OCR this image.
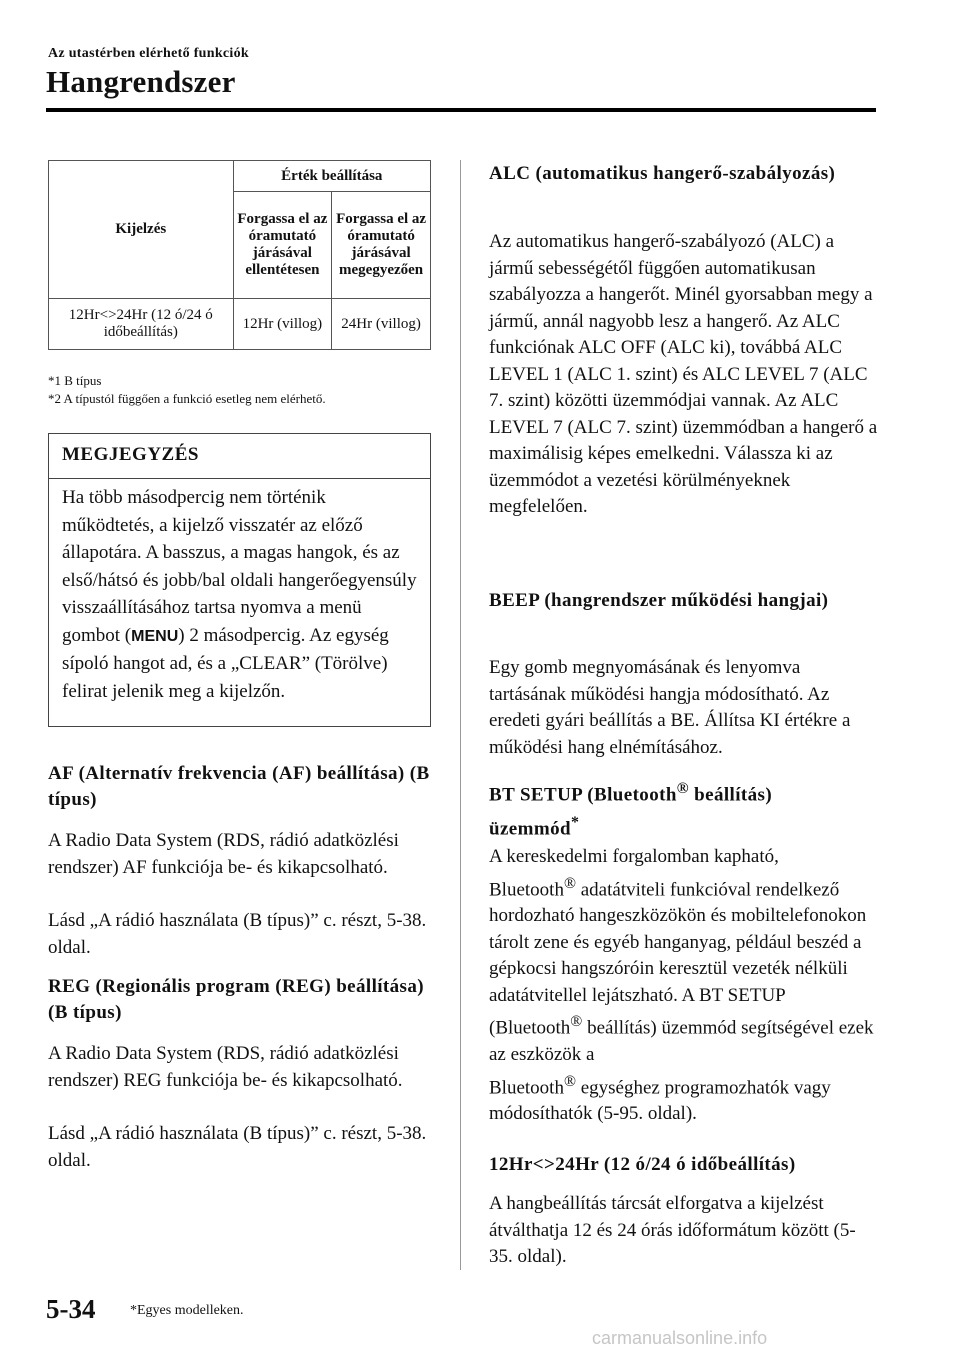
Az utastérben elérhető funkciók
Hangrendszer
Kijelzés	Érték beállítása	
	Forgassa el az óramutató járásával ellentétesen	Forgassa el az óramutató járásával megegyezően
12Hr<>24Hr (12 ó/24 ó időbeállítás)	12Hr (villog)	24Hr (villog)
*1 B típus
*2 A típustól függően a funkció esetleg nem elérhető.
MEGJEGYZÉS
Ha több másodpercig nem történik működtetés, a kijelző visszatér az előző állapotára. A basszus, a magas hangok, és az első/hátsó és jobb/bal oldali hangerőegyensúly visszaállításához tartsa nyomva a menü gombot (MENU) 2 másodpercig. Az egység sípoló hangot ad, és a „CLEAR” (Törölve) felirat jelenik meg a kijelzőn.
AF (Alternatív frekvencia (AF) beállítása) (B típus)
A Radio Data System (RDS, rádió adatközlési rendszer) AF funkciója be- és kikapcsolható.
Lásd „A rádió használata (B típus)” c. részt, 5-38. oldal.
REG (Regionális program (REG) beállítása) (B típus)
A Radio Data System (RDS, rádió adatközlési rendszer) REG funkciója be- és kikapcsolható.
Lásd „A rádió használata (B típus)” c. részt, 5-38. oldal.
ALC (automatikus hangerő-szabályozás)
Az automatikus hangerő-szabályozó (ALC) a jármű sebességétől függően automatikusan szabályozza a hangerőt. Minél gyorsabban megy a jármű, annál nagyobb lesz a hangerő. Az ALC funkciónak ALC OFF (ALC ki), továbbá ALC LEVEL 1 (ALC 1. szint) és ALC LEVEL 7 (ALC 7. szint) közötti üzemmódjai vannak. Az ALC LEVEL 7 (ALC 7. szint) üzemmódban a hangerő a maximálisig képes emelkedni. Válassza ki az üzemmódot a vezetési körülményeknek megfelelően.
BEEP (hangrendszer működési hangjai)
Egy gomb megnyomásának és lenyomva tartásának működési hangja módosítható. Az eredeti gyári beállítás a BE. Állítsa KI értékre a működési hang elnémításához.
BT SETUP (Bluetooth® beállítás)
üzemmód*
A kereskedelmi forgalomban kapható,
Bluetooth® adatátviteli funkcióval rendelkező hordozható hangeszközökön és mobiltelefonokon tárolt zene és egyéb hanganyag, például beszéd a gépkocsi hangszóróin keresztül vezeték nélküli adatátvitellel lejátszható. A BT SETUP
(Bluetooth® beállítás) üzemmód segítségével ezek az eszközök a
Bluetooth® egységhez programozhatók vagy módosíthatók (5-95. oldal).
12Hr<>24Hr (12 ó/24 ó időbeállítás)
A hangbeállítás tárcsát elforgatva a kijelzést átválthatja 12 és 24 órás időformátum között (5-35. oldal).
5-34 *Egyes modelleken.
carmanualsonline.info
